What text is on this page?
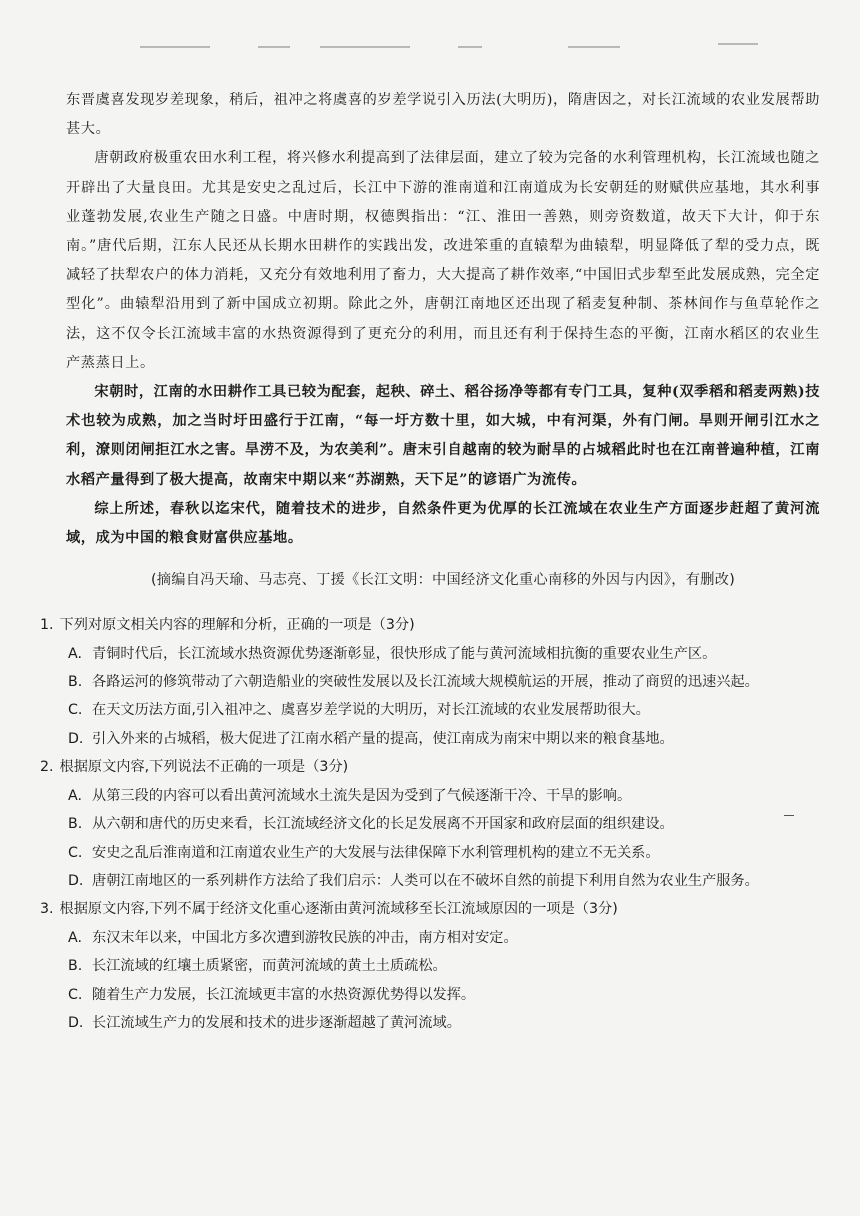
东晋虞喜发现岁差现象，稍后，祖冲之将虞喜的岁差学说引入历法(大明历)，隋唐因之，对长江流域的农业发展帮助甚大。

唐朝政府极重农田水利工程，将兴修水利提高到了法律层面，建立了较为完备的水利管理机构，长江流域也随之开辟出了大量良田。尤其是安史之乱过后，长江中下游的淮南道和江南道成为长安朝廷的财赋供应基地，其水利事业蓬勃发展,农业生产随之日盛。中唐时期，权德舆指出：“江、淮田一善熟，则旁资数道，故天下大计，仰于东南。”唐代后期，江东人民还从长期水田耕作的实践出发，改进笨重的直辕犁为曲辕犁，明显降低了犁的受力点，既减轻了扶犁农户的体力消耗，又充分有效地利用了畜力，大大提高了耕作效率,“中国旧式步犁至此发展成熟，完全定型化”。曲辕犁沿用到了新中国成立初期。除此之外，唐朝江南地区还出现了稻麦复种制、茶林间作与鱼草轮作之法，这不仅令长江流域丰富的水热资源得到了更充分的利用，而且还有利于保持生态的平衡，江南水稻区的农业生产蒸蒸日上。

宋朝时，江南的水田耕作工具已较为配套，起秧、碎土、稻谷扬净等都有专门工具，复种(双季稻和稻麦两熟)技术也较为成熟，加之当时圩田盛行于江南，“每一圩方数十里，如大城，中有河渠，外有门闸。旱则开闸引江水之利，潦则闭闸拒江水之害。旱涝不及，为农美利”。唐末引自越南的较为耐旱的占城稻此时也在江南普遍种植，江南水稻产量得到了极大提高，故南宋中期以来“苏湖熟，天下足”的谚语广为流传。

综上所述，春秋以迄宋代，随着技术的进步，自然条件更为优厚的长江流域在农业生产方面逐步赶超了黄河流域，成为中国的粮食财富供应基地。

(摘编自冯天瑜、马志亮、丁援《长江文明：中国经济文化重心南移的外因与内因》，有删改)

1. 下列对原文相关内容的理解和分析，正确的一项是（3分)

A. 青铜时代后，长江流域水热资源优势逐渐彰显，很快形成了能与黄河流域相抗衡的重要农业生产区。

B. 各路运河的修筑带动了六朝造船业的突破性发展以及长江流域大规模航运的开展，推动了商贸的迅速兴起。

C. 在天文历法方面,引入祖冲之、虞喜岁差学说的大明历，对长江流域的农业发展帮助很大。

D. 引入外来的占城稻，极大促进了江南水稻产量的提高，使江南成为南宋中期以来的粮食基地。

2. 根据原文内容,下列说法不正确的一项是（3分)

A. 从第三段的内容可以看出黄河流域水土流失是因为受到了气候逐渐干冷、干旱的影响。

B. 从六朝和唐代的历史来看，长江流域经济文化的长足发展离不开国家和政府层面的组织建设。

C. 安史之乱后淮南道和江南道农业生产的大发展与法律保障下水利管理机构的建立不无关系。

D. 唐朝江南地区的一系列耕作方法给了我们启示：人类可以在不破坏自然的前提下利用自然为农业生产服务。

3. 根据原文内容,下列不属于经济文化重心逐渐由黄河流域移至长江流域原因的一项是（3分)

A. 东汉末年以来，中国北方多次遭到游牧民族的冲击，南方相对安定。

B. 长江流域的红壤土质紧密，而黄河流域的黄土土质疏松。

C. 随着生产力发展，长江流域更丰富的水热资源优势得以发挥。

D. 长江流域生产力的发展和技术的进步逐渐超越了黄河流域。
